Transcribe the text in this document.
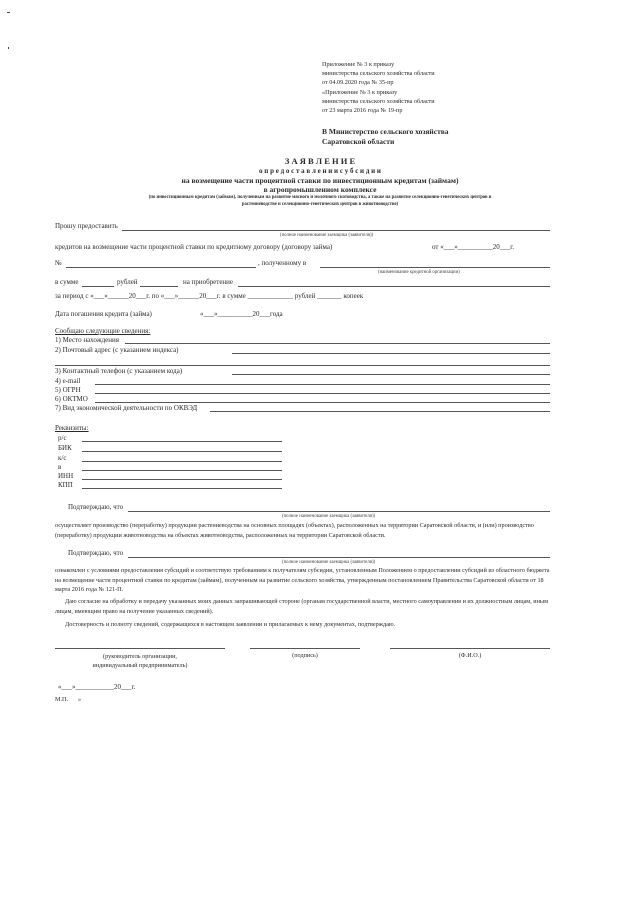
Приложение № 3 к приказу
министерства сельского хозяйства области
от 04.09.2020 года № 35-пр
«Приложение № 3 к приказу
министерства сельского хозяйства области
от 23 марта 2016 года № 19-пр
В Министерство сельского хозяйства
Саратовской области
З А Я В Л Е Н И Е
о п р е д о с т а в л е н и и с у б с и д и и
на возмещение части процентной ставки по инвестиционным кредитам (займам)
в агропромышленном комплексе
(по инвестиционным кредитам (займам), полученным на развитие мясного и молочного скотоводства, а также на развитие селекционно-генетических центров в
растениеводстве и селекционно-генетических центров в животноводстве)
Прошу предоставить
(полное наименование заемщика (заявителя))
кредитов на возмещение части процентной ставки по кредитному договору (договору займа)	от «___»__________20___г.
№	, полученному в
(наименование кредитной организации)
в сумме	рублей	на приобретение
за период с «___»______20___г. по «___»______20___г. в сумме _____________ рублей _______ копеек
Дата погашения кредита (займа)	«___»__________20___года
Сообщаю следующие сведения:
1) Место нахождения
2) Почтовый адрес (с указанием индекса)
3) Контактный телефон (с указанием кода)
4) e-mail
5) ОГРН
6) ОКТМО
7) Вид экономической деятельности по ОКВЭД
Реквизиты:
р/с
БИК
к/с
в
ИНН
КПП
Подтверждаю, что
(полное наименование заемщика (заявителя))
осуществляет производство (переработку) продукции растениеводства на основных площадях (объектах), расположенных на территории Саратовской области, и (или) производство (переработку) продукции животноводства на объектах животноводства, расположенных на территории Саратовской области.
Подтверждаю, что
(полное наименование заемщика (заявителя))
ознакомлен с условиями предоставления субсидий и соответствую требованиям к получателям субсидии, установленным Положением о предоставлении субсидий из областного бюджета на возмещение части процентной ставки по кредитам (займам), полученным на развитие сельского хозяйства, утвержденным постановлением Правительства Саратовской области от 18 марта 2016 года № 121-П.
Даю согласие на обработку и передачу указанных моих данных запрашивающей стороне (органам государственной власти, местного самоуправления и их должностным лицам, иным лицам, имеющим право на получение указанных сведений).
Достоверность и полноту сведений, содержащихся в настоящем заявлении и прилагаемых к нему документах, подтверждаю.
(руководитель организации,
индивидуальный предприниматель)
(подпись)	(Ф.И.О.)
«___»___________20___г.
М.П. »
